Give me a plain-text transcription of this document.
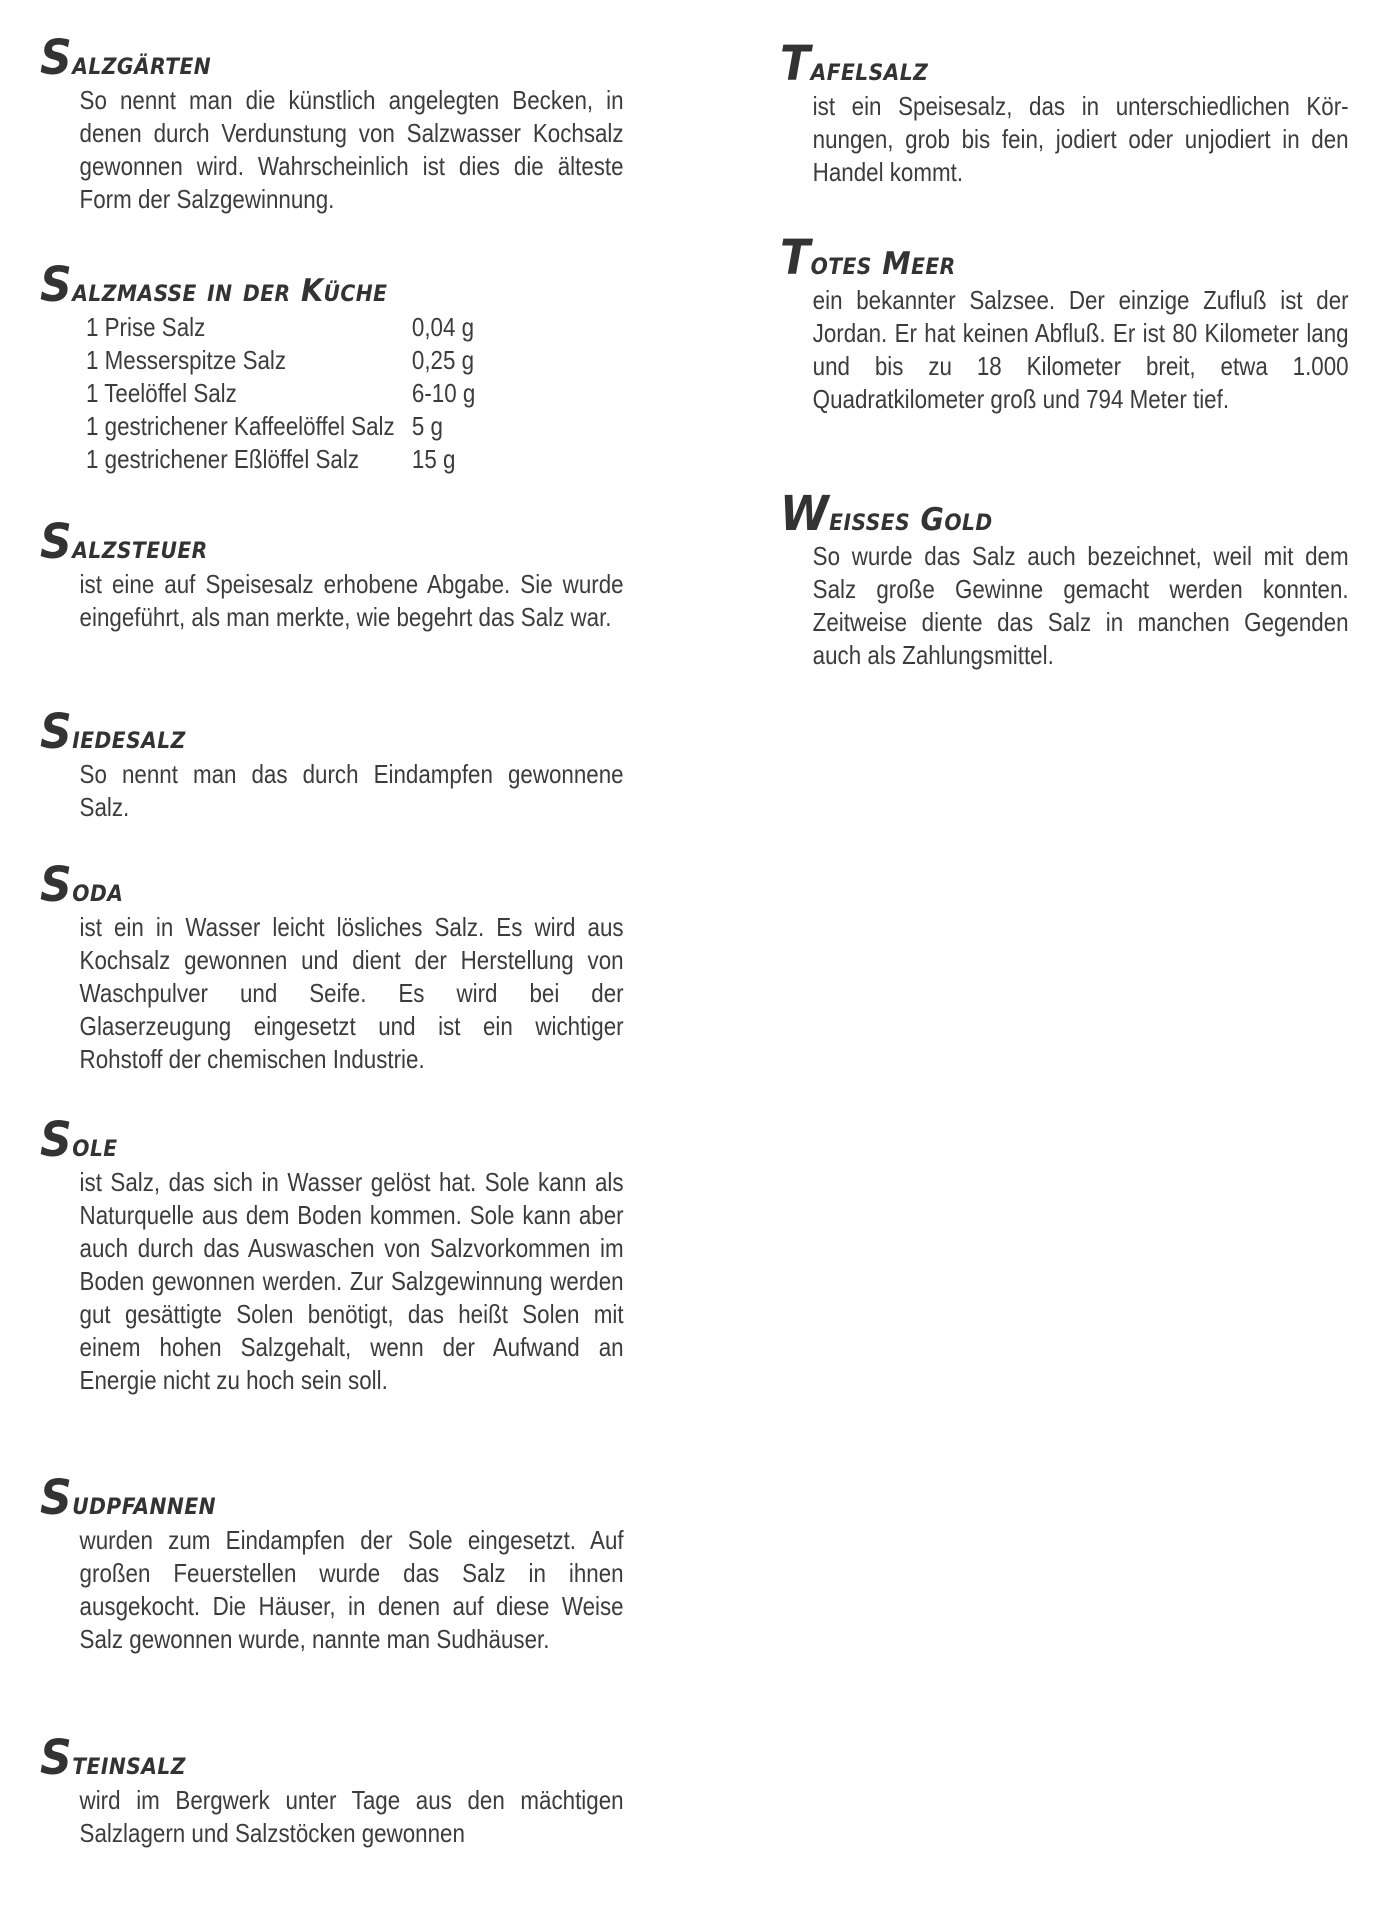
Salzgärten

So nennt man die künstlich angelegten Becken, in denen durch Verdunstung von Salzwasser Kochsalz gewonnen wird. Wahrscheinlich ist dies die älteste Form der Salzgewinnung.

Salzmaße in der Küche
1 Prise Salz	0,04 g
1 Messerspitze Salz	0,25 g
1 Teelöffel Salz	6-10 g
1 gestrichener Kaffeelöffel Salz	5 g
1 gestrichener Eßlöffel Salz	15 g
Salzsteuer

ist eine auf Speisesalz erhobene Abgabe. Sie wurde eingeführt, als man merkte, wie begehrt das Salz war.

Siedesalz

So nennt man das durch Eindampfen gewonnene Salz.

Soda

ist ein in Wasser leicht lösliches Salz. Es wird aus Kochsalz gewonnen und dient der Herstellung von Waschpulver und Seife. Es wird bei der Glaserzeugung eingesetzt und ist ein wichtiger Rohstoff der chemischen Industrie.

Sole

ist Salz, das sich in Wasser gelöst hat. Sole kann als Naturquelle aus dem Boden kommen. Sole kann aber auch durch das Auswaschen von Salzvorkommen im Boden gewonnen werden. Zur Salzgewinnung werden gut gesättigte Solen benötigt, das heißt Solen mit einem hohen Salzgehalt, wenn der Aufwand an Energie nicht zu hoch sein soll.

Sudpfannen

wurden zum Eindampfen der Sole eingesetzt. Auf großen Feuerstellen wurde das Salz in ihnen ausgekocht. Die Häuser, in denen auf diese Weise Salz gewonnen wurde, nannte man Sudhäuser.

Steinsalz

wird im Bergwerk unter Tage aus den mächtigen Salzlagern und Salzstöcken gewonnen

Tafelsalz

ist ein Speisesalz, das in unterschiedlichen Körnungen, grob bis fein, jodiert oder unjodiert in den Handel kommt.

Totes Meer

ein bekannter Salzsee. Der einzige Zufluß ist der Jordan. Er hat keinen Abfluß. Er ist 80 Kilometer lang und bis zu 18 Kilometer breit, etwa 1.000 Quadratkilometer groß und 794 Meter tief.

Weisses Gold

So wurde das Salz auch bezeichnet, weil mit dem Salz große Gewinne gemacht werden konnten. Zeitweise diente das Salz in manchen Gegenden auch als Zahlungsmittel.
